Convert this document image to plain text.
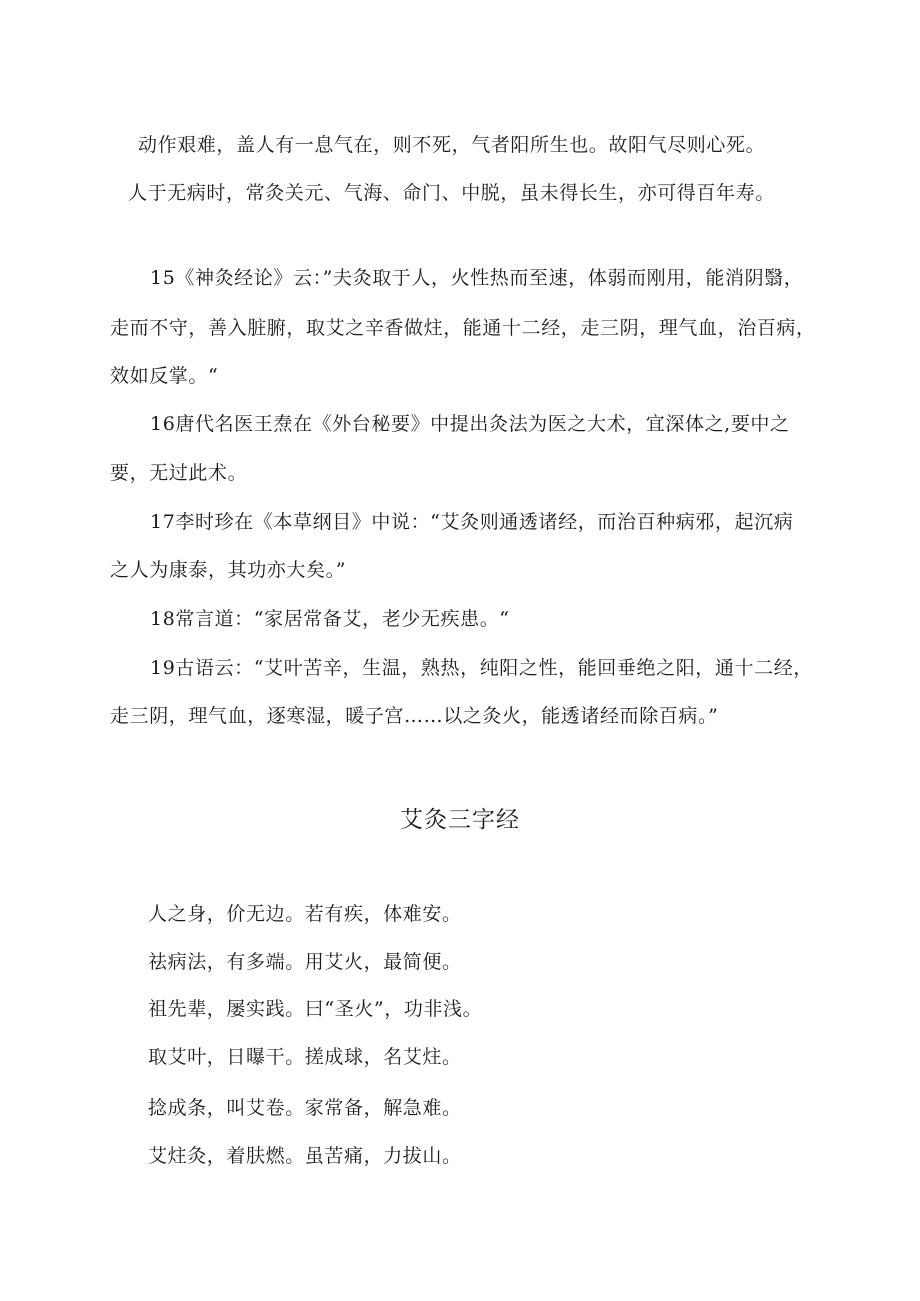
动作艰难，盖人有一息气在，则不死，气者阳所生也。故阳气尽则心死。
人于无病时，常灸关元、气海、命门、中脱，虽未得长生，亦可得百年寿。
15《神灸经论》云：”夫灸取于人，火性热而至速，体弱而刚用，能消阴翳，
走而不守，善入脏腑，取艾之辛香做炷，能通十二经，走三阴，理气血，治百病，
效如反掌。“
16唐代名医王焘在《外台秘要》中提出灸法为医之大术，宜深体之,要中之
要，无过此术。
17李时珍在《本草纲目》中说：“艾灸则通透诸经，而治百种病邪，起沉病
之人为康泰，其功亦大矣。”
18常言道：“家居常备艾，老少无疾患。“
19古语云：“艾叶苦辛，生温，熟热，纯阳之性，能回垂绝之阳，通十二经，
走三阴，理气血，逐寒湿，暖子宫……以之灸火，能透诸经而除百病。”
艾灸三字经
人之身，价无边。若有疾，体难安。
祛病法，有多端。用艾火，最简便。
祖先辈，屡实践。曰“圣火”，功非浅。
取艾叶，日曝干。搓成球，名艾炷。
捻成条，叫艾卷。家常备，解急难。
艾炷灸，着肤燃。虽苦痛，力拔山。
